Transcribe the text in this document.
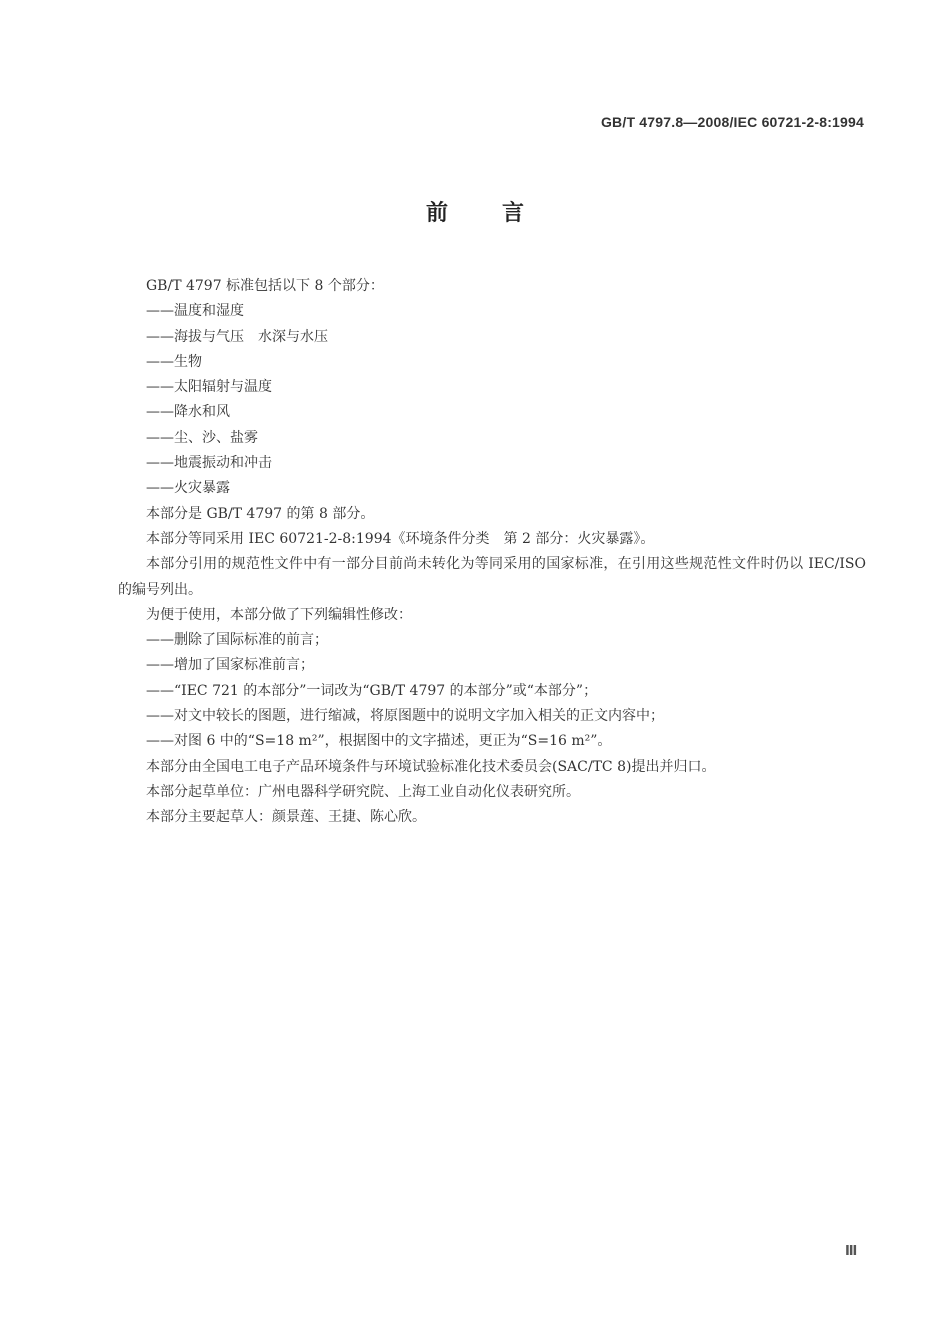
GB/T 4797.8—2008/IEC 60721-2-8:1994
前言

GB/T 4797 标准包括以下 8 个部分：

——温度和湿度

——海拔与气压　水深与水压

——生物

——太阳辐射与温度

——降水和风

——尘、沙、盐雾

——地震振动和冲击

——火灾暴露

本部分是 GB/T 4797 的第 8 部分。

本部分等同采用 IEC 60721-2-8:1994《环境条件分类　第 2 部分：火灾暴露》。

本部分引用的规范性文件中有一部分目前尚未转化为等同采用的国家标准，在引用这些规范性文件时仍以 IEC/ISO 的编号列出。

为便于使用，本部分做了下列编辑性修改：

——删除了国际标准的前言；

——增加了国家标准前言；

——“IEC 721 的本部分”一词改为“GB/T 4797 的本部分”或“本部分”；

——对文中较长的图题，进行缩减，将原图题中的说明文字加入相关的正文内容中；

——对图 6 中的“S=18 m²”，根据图中的文字描述，更正为“S=16 m²”。

本部分由全国电工电子产品环境条件与环境试验标准化技术委员会(SAC/TC 8)提出并归口。

本部分起草单位：广州电器科学研究院、上海工业自动化仪表研究所。

本部分主要起草人：颜景莲、王捷、陈心欣。

Ⅲ
